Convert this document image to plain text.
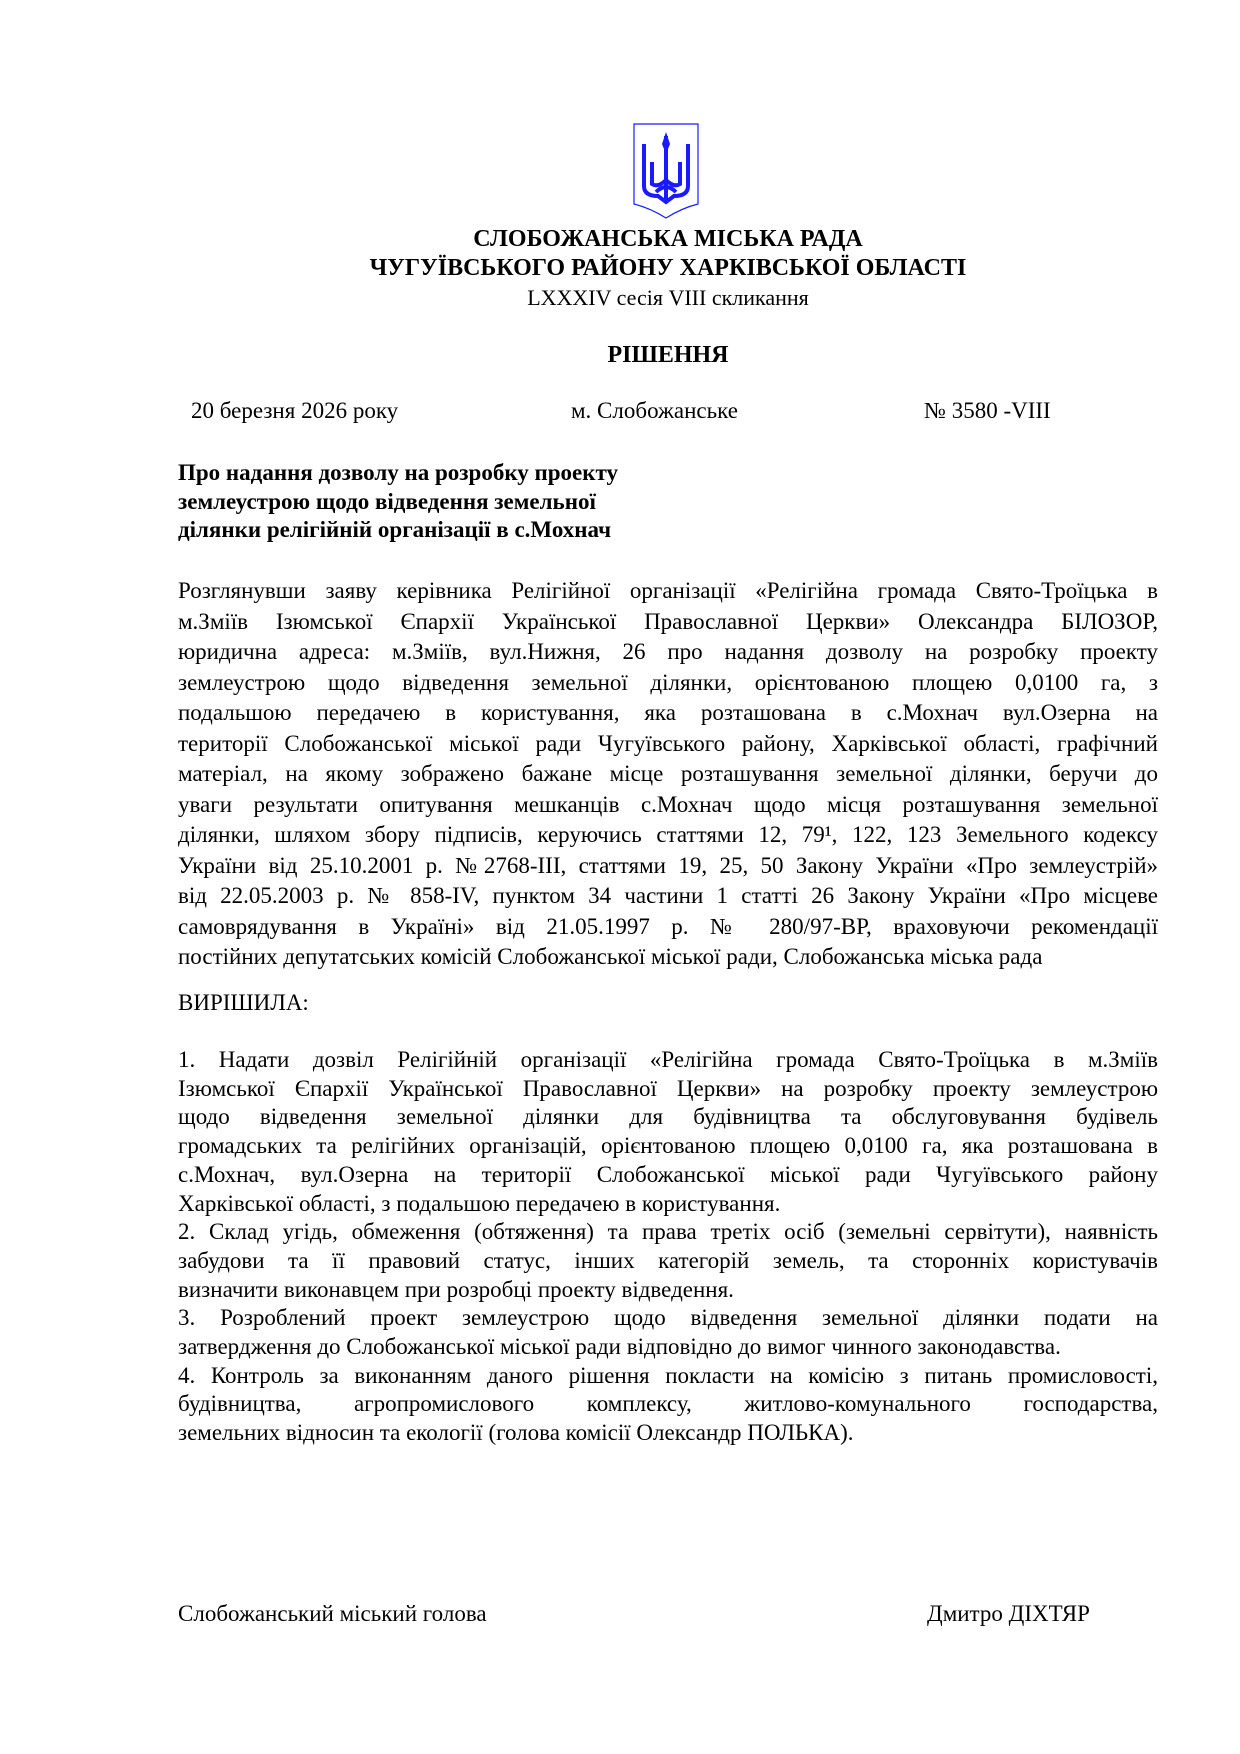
СЛОБОЖАНСЬКА МІСЬКА РАДА
ЧУГУЇВСЬКОГО РАЙОНУ ХАРКІВСЬКОЇ ОБЛАСТІ
LXXXIV сесія VIII скликання
РІШЕННЯ
20 березня 2026 року	м. Слобожанське	№ 3580 -VIII
Про надання дозволу на розробку проекту
землеустрою щодо відведення земельної
ділянки релігійній організації в с.Мохнач
Розглянувши заяву керівника Релігійної організації «Релігійна громада Свято-Троїцька в
м.Зміїв Ізюмської Єпархії Української Православної Церкви» Олександра БІЛОЗОР,
юридична адреса: м.Зміїв, вул.Нижня, 26 про надання дозволу на розробку проекту
землеустрою щодо відведення земельної ділянки, орієнтованою площею 0,0100 га, з
подальшою передачею в користування, яка розташована в с.Мохнач вул.Озерна на
території Слобожанської міської ради Чугуївського району, Харківської області, графічний
матеріал, на якому зображено бажане місце розташування земельної ділянки, беручи до
уваги результати опитування мешканців с.Мохнач щодо місця розташування земельної
ділянки, шляхом збору підписів, керуючись статтями 12, 79¹, 122, 123 Земельного кодексу
України від 25.10.2001 р. №2768-ІІІ, статтями 19, 25, 50 Закону України «Про землеустрій»
від 22.05.2003 р. № 858-IV, пунктом 34 частини 1 статті 26 Закону України «Про місцеве
самоврядування в Україні» від 21.05.1997 р. № 280/97-ВР, враховуючи рекомендації
постійних депутатських комісій Слобожанської міської ради, Слобожанська міська рада
ВИРІШИЛА:
1. Надати дозвіл Релігійній організації «Релігійна громада Свято-Троїцька в м.Зміїв
Ізюмської Єпархії Української Православної Церкви» на розробку проекту землеустрою
щодо відведення земельної ділянки для будівництва та обслуговування будівель
громадських та релігійних організацій, орієнтованою площею 0,0100 га, яка розташована в
с.Мохнач, вул.Озерна на території Слобожанської міської ради Чугуївського району
Харківської області, з подальшою передачею в користування.
2. Склад угідь, обмеження (обтяження) та права третіх осіб (земельні сервітути), наявність
забудови та її правовий статус, інших категорій земель, та сторонніх користувачів
визначити виконавцем при розробці проекту відведення.
3. Розроблений проект землеустрою щодо відведення земельної ділянки подати на
затвердження до Слобожанської міської ради відповідно до вимог чинного законодавства.
4. Контроль за виконанням даного рішення покласти на комісію з питань промисловості,
будівництва, агропромислового комплексу, житлово-комунального господарства,
земельних відносин та екології (голова комісії Олександр ПОЛЬКА).
Слобожанський міський голова	Дмитро ДІХТЯР
